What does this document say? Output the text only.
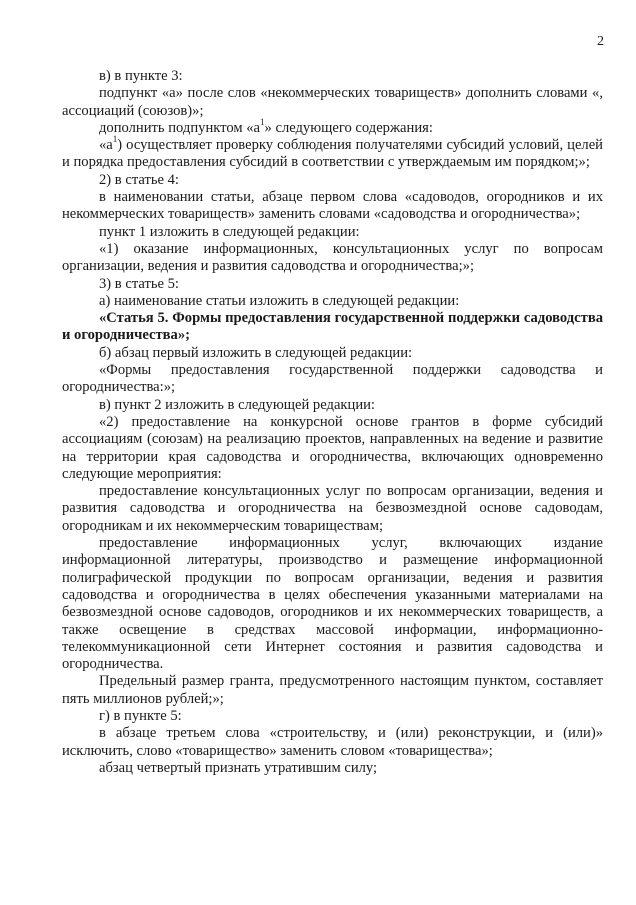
2

в) в пункте 3:

подпункт «а» после слов «некоммерческих товариществ» дополнить словами «, ассоциаций (союзов)»;

дополнить подпунктом «$а^1$» следующего содержания:

«$а^1$) осуществляет проверку соблюдения получателями субсидий условий, целей и порядка предоставления субсидий в соответствии с утверждаемым им порядком;»;

2) в статье 4:

в наименовании статьи, абзаце первом слова «садоводов, огородников и их некоммерческих товариществ» заменить словами «садоводства и огородничества»;

пункт 1 изложить в следующей редакции:

«1) оказание информационных, консультационных услуг по вопросам организации, ведения и развития садоводства и огородничества;»;

3) в статье 5:

а) наименование статьи изложить в следующей редакции:

«Статья 5. Формы предоставления государственной поддержки садоводства и огородничества»;

б) абзац первый изложить в следующей редакции:

«Формы предоставления государственной поддержки садоводства и огородничества:»;

в) пункт 2 изложить в следующей редакции:

«2) предоставление на конкурсной основе грантов в форме субсидий ассоциациям (союзам) на реализацию проектов, направленных на ведение и развитие на территории края садоводства и огородничества, включающих одновременно следующие мероприятия:

предоставление консультационных услуг по вопросам организации, ведения и развития садоводства и огородничества на безвозмездной основе садоводам, огородникам и их некоммерческим товариществам;

предоставление информационных услуг, включающих издание информационной литературы, производство и размещение информационной полиграфической продукции по вопросам организации, ведения и развития садоводства и огородничества в целях обеспечения указанными материалами на безвозмездной основе садоводов, огородников и их некоммерческих товариществ, а также освещение в средствах массовой информации, информационно-телекоммуникационной сети Интернет состояния и развития садоводства и огородничества.

Предельный размер гранта, предусмотренного настоящим пунктом, составляет пять миллионов рублей;»;

г) в пункте 5:

в абзаце третьем слова «строительству, и (или) реконструкции, и (или)» исключить, слово «товарищество» заменить словом «товарищества»;

абзац четвертый признать утратившим силу;
